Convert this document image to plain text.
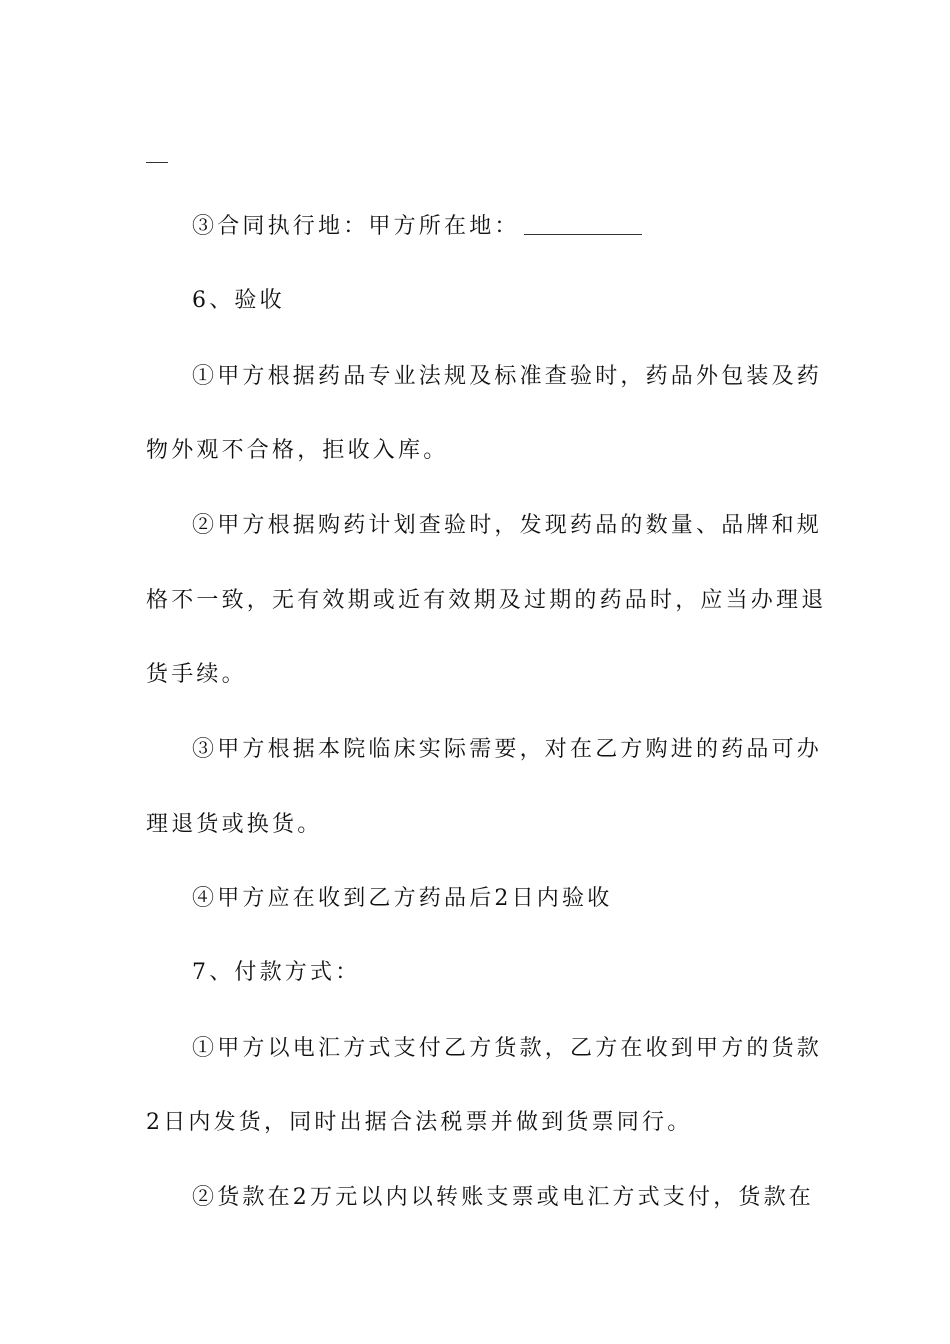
③合同执行地：甲方所在地：
6、验收
①甲方根据药品专业法规及标准查验时，药品外包装及药
物外观不合格，拒收入库。
②甲方根据购药计划查验时，发现药品的数量、品牌和规
格不一致，无有效期或近有效期及过期的药品时，应当办理退
货手续。
③甲方根据本院临床实际需要，对在乙方购进的药品可办
理退货或换货。
④甲方应在收到乙方药品后2日内验收
7、付款方式：
①甲方以电汇方式支付乙方货款，乙方在收到甲方的货款
2日内发货，同时出据合法税票并做到货票同行。
②货款在2万元以内以转账支票或电汇方式支付，货款在
